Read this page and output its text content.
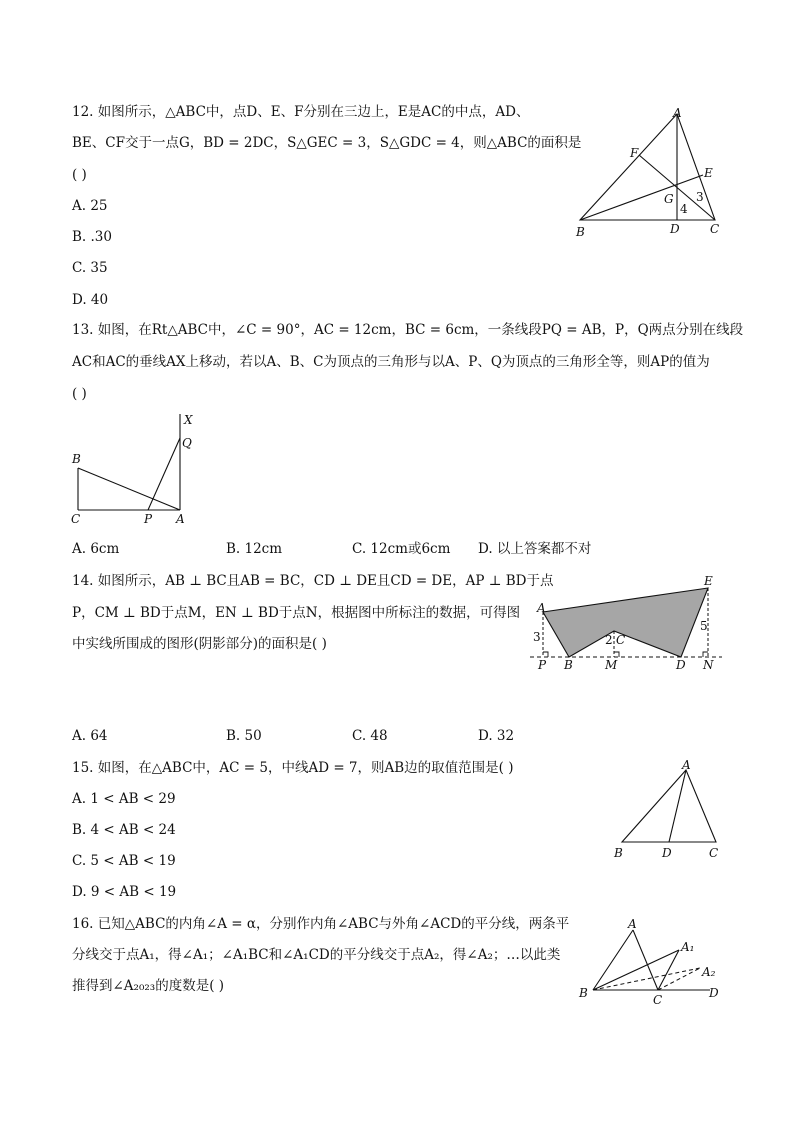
12. 如图所示，△ABC中，点D、E、F分别在三边上，E是AC的中点，AD、
BE、CF交于一点G，BD = 2DC，S△GEC = 3，S△GDC = 4，则△ABC的面积是
( )
A. 25
B. .30
C. 35
D. 40
A
F
E
G 3
4
B	D	C
13. 如图，在Rt△ABC中，∠C = 90°，AC = 12cm，BC = 6cm，一条线段PQ = AB，P，Q两点分别在线段
AC和AC的垂线AX上移动，若以A、B、C为顶点的三角形与以A、P、Q为顶点的三角形全等，则AP的值为
( )
X
Q
B
C	P A
A. 6cm	B. 12cm	C. 12cm或6cm D. 以上答案都不对
14. 如图所示，AB ⊥ BC且AB = BC，CD ⊥ DE且CD = DE，AP ⊥ BD于点
P，CM ⊥ BD于点M，EN ⊥ BD于点N，根据图中所标注的数据，可得图
中实线所围成的图形(阴影部分)的面积是( )
A
E
C
3	2
5
P B	M	D N
A. 64	B. 50	C. 48	D. 32
15. 如图，在△ABC中，AC = 5，中线AD = 7，则AB边的取值范围是( )
A. 1 < AB < 29
B. 4 < AB < 24
C. 5 < AB < 19
D. 9 < AB < 19
A
B	D	C
16. 已知△ABC的内角∠A = α，分别作内角∠ABC与外角∠ACD的平分线，两条平
分线交于点A₁，得∠A₁；∠A₁BC和∠A₁CD的平分线交于点A₂，得∠A₂；…以此类
推得到∠A₂₀₂₃的度数是( )
A
A₁
A₂
B	C	D
